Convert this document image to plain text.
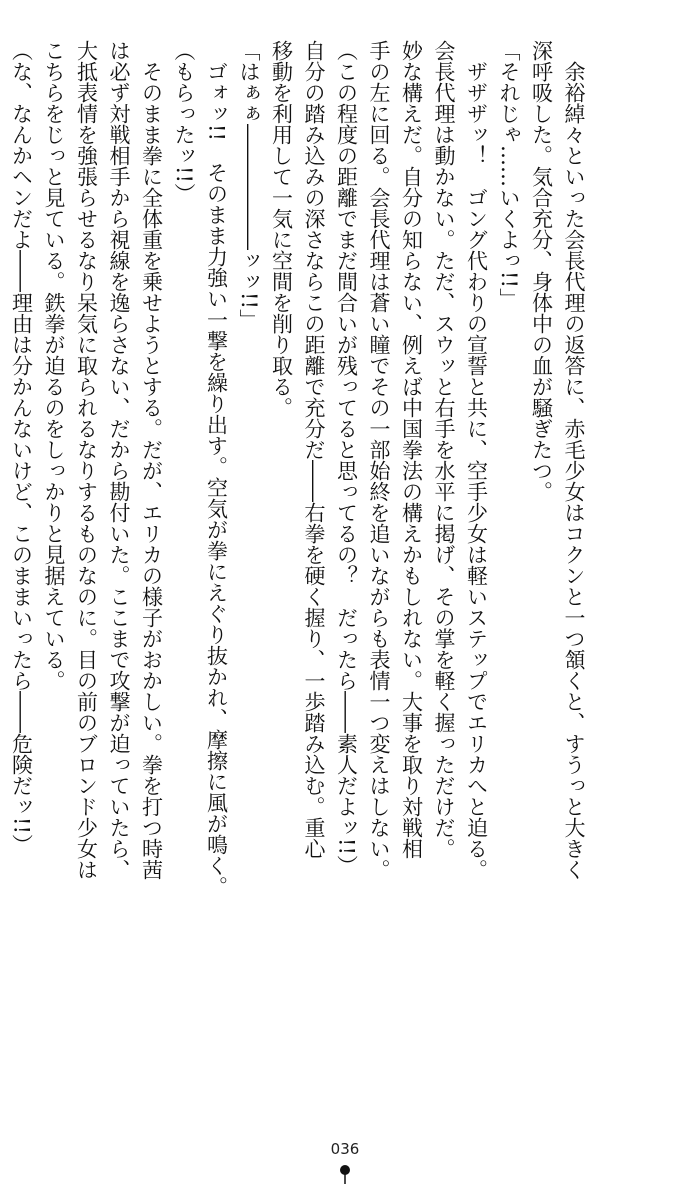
余裕綽々といった会長代理の返答に、赤毛少女はコクンと一つ頷くと、すうっと大きく
深呼吸した。気合充分、身体中の血が騒ぎたつ。
「それじゃ……いくよっ!!」
ザザザッ！　ゴング代わりの宣誓と共に、空手少女は軽いステップでエリカへと迫る。
会長代理は動かない。ただ、スウッと右手を水平に掲げ、その掌を軽く握っただけだ。
妙な構えだ。自分の知らない、例えば中国拳法の構えかもしれない。大事を取り対戦相
手の左に回る。会長代理は蒼い瞳でその一部始終を追いながらも表情一つ変えはしない。
（この程度の距離でまだ間合いが残ってると思ってるの？　だったら――素人だよッ!!）
自分の踏み込みの深さならこの距離で充分だ――右拳を硬く握り、一歩踏み込む。重心
移動を利用して一気に空間を削り取る。
「はぁぁ――――――ッッ!!」
ゴォッ!!　そのまま力強い一撃を繰り出す。空気が拳にえぐり抜かれ、摩擦に風が鳴く。
（もらったッ!!）
そのまま拳に全体重を乗せようとする。だが、エリカの様子がおかしい。拳を打つ時茜
は必ず対戦相手から視線を逸らさない、だから勘付いた。ここまで攻撃が迫っていたら、
大抵表情を強張らせるなり呆気に取られるなりするものなのに。目の前のブロンド少女は
こちらをじっと見ている。鉄拳が迫るのをしっかりと見据えている。
（な、なんかヘンだよ――理由は分かんないけど、このままいったら――危険だッ!!）
036
